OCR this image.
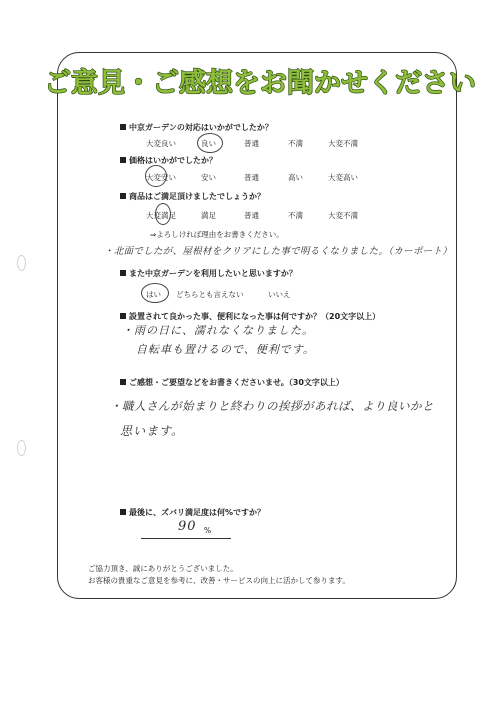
ご意見・ご感想をお聞かせください
中京ガーデンの対応はいかがでしたか？
大変良い	良い	普通	不満	大変不満
価格はいかがでしたか？
大変安い	安い	普通	高い	大変高い
商品はご満足頂けましたでしょうか？
大変満足	満足	普通	不満	大変不満
⇒よろしければ理由をお書きください。
・北面でしたが、屋根材をクリアにした事で明るくなりました。（カーポート）
また中京ガーデンを利用したいと思いますか？
はい どちらとも言えない	いいえ
設置されて良かった事、便利になった事は何ですか？（20文字以上）
・雨の日に、濡れなくなりました。
自転車も置けるので、便利です。
ご感想・ご要望などをお書きくださいませ。（30文字以上）
・職人さんが始まりと終わりの挨拶があれば、より良いかと
思います。
最後に、ズバリ満足度は何%ですか？
90 %
ご協力頂き、誠にありがとうございました。
お客様の貴重なご意見を参考に、改善・サービスの向上に活かして参ります。
